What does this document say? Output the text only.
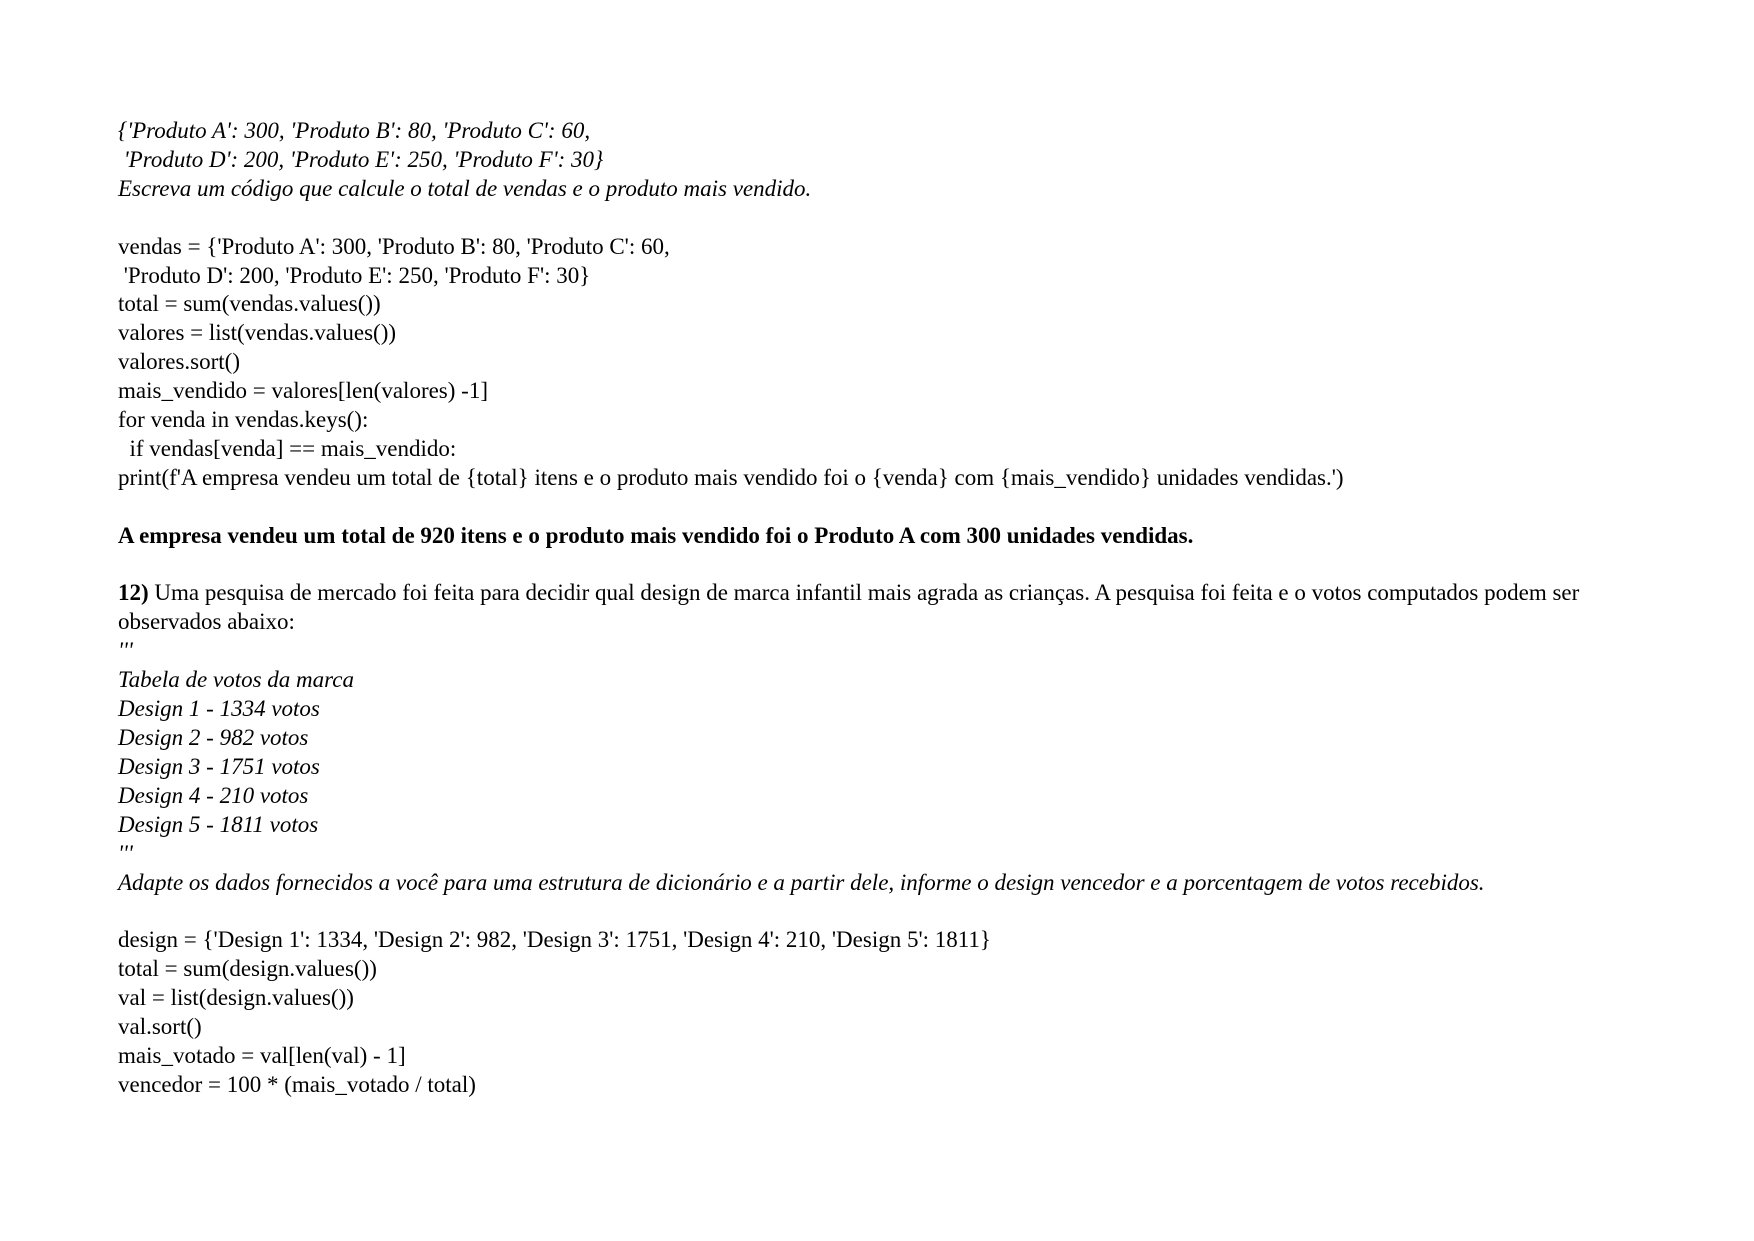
{'Produto A': 300, 'Produto B': 80, 'Produto C': 60,
'Produto D': 200, 'Produto E': 250, 'Produto F': 30}
Escreva um código que calcule o total de vendas e o produto mais vendido.
vendas = {'Produto A': 300, 'Produto B': 80, 'Produto C': 60,
'Produto D': 200, 'Produto E': 250, 'Produto F': 30}
total = sum(vendas.values())
valores = list(vendas.values())
valores.sort()
mais_vendido = valores[len(valores) -1]
for venda in vendas.keys():
if vendas[venda] == mais_vendido:
print(f'A empresa vendeu um total de {total} itens e o produto mais vendido foi o {venda} com {mais_vendido} unidades vendidas.')
A empresa vendeu um total de 920 itens e o produto mais vendido foi o Produto A com 300 unidades vendidas.
12) Uma pesquisa de mercado foi feita para decidir qual design de marca infantil mais agrada as crianças. A pesquisa foi feita e o votos computados podem ser observados abaixo:
'''
Tabela de votos da marca
Design 1 - 1334 votos
Design 2 - 982 votos
Design 3 - 1751 votos
Design 4 - 210 votos
Design 5 - 1811 votos
'''
Adapte os dados fornecidos a você para uma estrutura de dicionário e a partir dele, informe o design vencedor e a porcentagem de votos recebidos.
design = {'Design 1': 1334, 'Design 2': 982, 'Design 3': 1751, 'Design 4': 210, 'Design 5': 1811}
total = sum(design.values())
val = list(design.values())
val.sort()
mais_votado = val[len(val) - 1]
vencedor = 100 * (mais_votado / total)
